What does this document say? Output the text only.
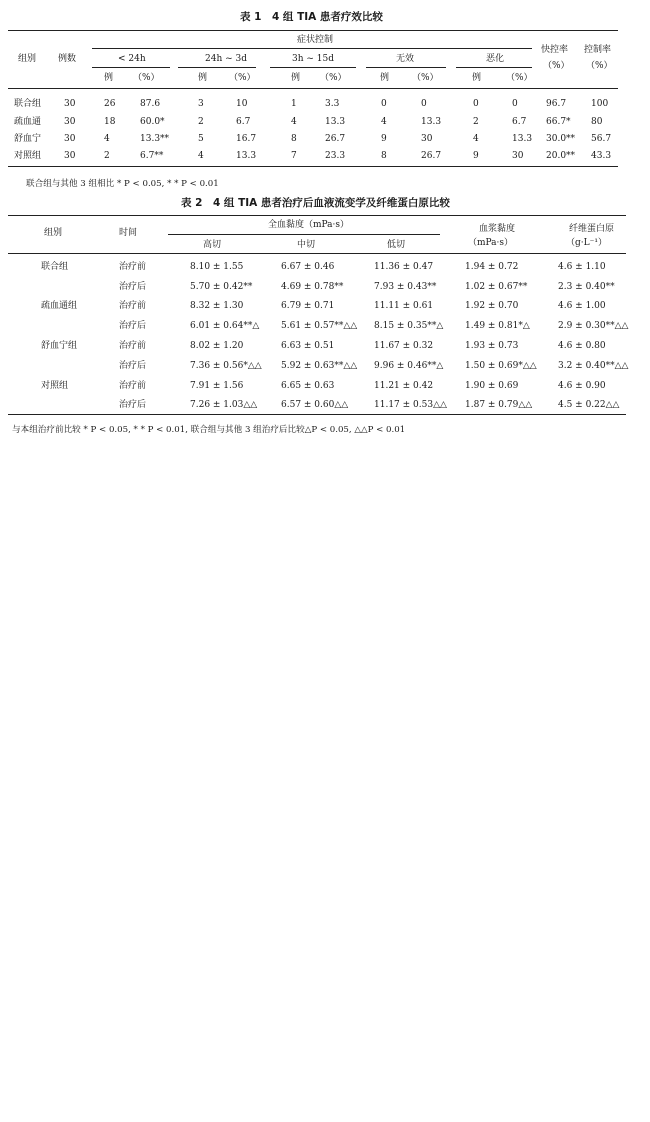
表 1　4 组 TIA 患者疗效比较
组别 例数
症状控制
< 24h	24h ~ 3d	3h ~ 15d	无效	恶化
快控率
（%）
控制率
（%）
例 （%）	例 （%）	例 （%）	例	（%）	例	（%）
联合组	30	26	87.6	3	10	1	3.3	0	0	0	0	96.7	100
疏血通	30	18	60.0*	2	6.7	4	13.3	4	13.3	2	6.7 66.7* 80
舒血宁	30	4	13.3**	5	16.7	8	26.7	9	30	4	13.3 30.0** 56.7
对照组	30	2	6.7**	4	13.3	7	23.3	8	26.7	9	30	20.0** 43.3
联合组与其他 3 组相比 * P < 0.05, * * P < 0.01
表 2　4 组 TIA 患者治疗后血液流变学及纤维蛋白原比较
组别	时间
全血黏度（mPa·s）
高切	中切	低切
血浆黏度
（mPa·s）
纤维蛋白原
（g·L⁻¹）
联合组	治疗前	8.10 ± 1.55	6.67 ± 0.46	11.36 ± 0.47	1.94 ± 0.72	4.6 ± 1.10
治疗后	5.70 ± 0.42**	4.69 ± 0.78**	7.93 ± 0.43**	1.02 ± 0.67**	2.3 ± 0.40**
疏血通组	治疗前	8.32 ± 1.30	6.79 ± 0.71	11.11 ± 0.61	1.92 ± 0.70	4.6 ± 1.00
治疗后	6.01 ± 0.64**△ 5.61 ± 0.57**△△ 8.15 ± 0.35**△ 1.49 ± 0.81*△	2.9 ± 0.30**△△
舒血宁组	治疗前	8.02 ± 1.20	6.63 ± 0.51	11.67 ± 0.32	1.93 ± 0.73	4.6 ± 0.80
治疗后	7.36 ± 0.56*△△ 5.92 ± 0.63**△△ 9.96 ± 0.46**△ 1.50 ± 0.69*△△ 3.2 ± 0.40**△△
对照组	治疗前	7.91 ± 1.56	6.65 ± 0.63	11.21 ± 0.42	1.90 ± 0.69	4.6 ± 0.90
治疗后	7.26 ± 1.03△△	6.57 ± 0.60△△	11.17 ± 0.53△△ 1.87 ± 0.79△△	4.5 ± 0.22△△
与本组治疗前比较 * P < 0.05, * * P < 0.01, 联合组与其他 3 组治疗后比较△P < 0.05, △△P < 0.01
